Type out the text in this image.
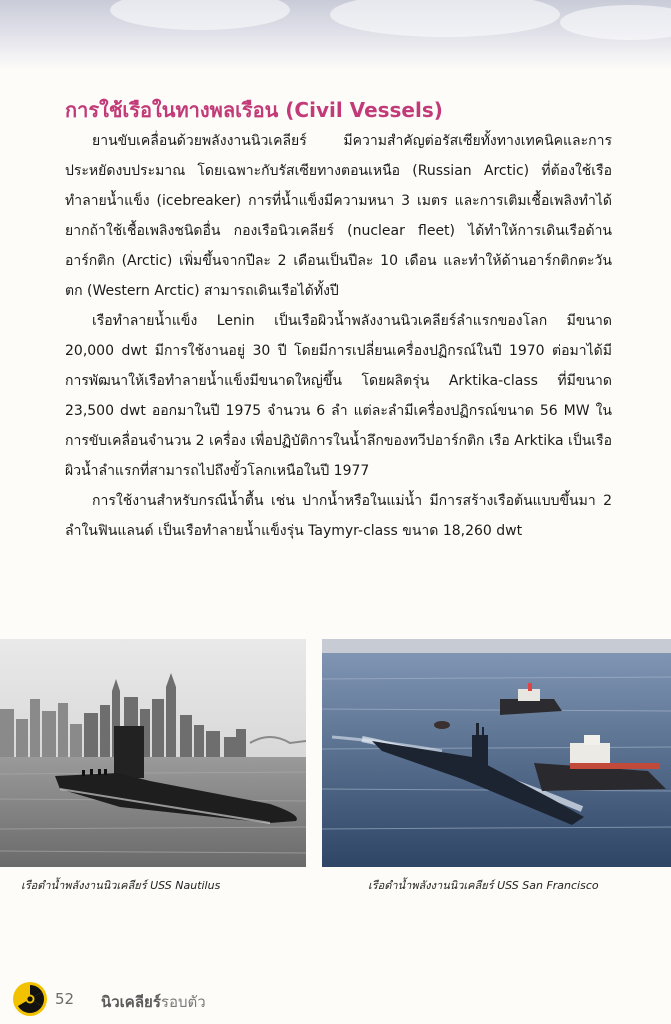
การใช้เรือในทางพลเรือน (Civil Vessels)

ยานขับเคลื่อนด้วยพลังงานนิวเคลียร์ มีความสำคัญต่อรัสเซียทั้งทางเทคนิคและการประหยัดงบประมาณ โดยเฉพาะกับรัสเซียทางตอนเหนือ (Russian Arctic) ที่ต้องใช้เรือทำลายน้ำแข็ง (icebreaker) การที่น้ำแข็งมีความหนา 3 เมตร และการเติมเชื้อเพลิงทำได้ยากถ้าใช้เชื้อเพลิงชนิดอื่น กองเรือนิวเคลียร์ (nuclear fleet) ได้ทำให้การเดินเรือด้านอาร์กติก (Arctic) เพิ่มขึ้นจากปีละ 2 เดือนเป็นปีละ 10 เดือน และทำให้ด้านอาร์กติกตะวันตก (Western Arctic) สามารถเดินเรือได้ทั้งปี

เรือทำลายน้ำแข็ง Lenin เป็นเรือผิวน้ำพลังงานนิวเคลียร์ลำแรกของโลก มีขนาด 20,000 dwt มีการใช้งานอยู่ 30 ปี โดยมีการเปลี่ยนเครื่องปฏิกรณ์ในปี 1970 ต่อมาได้มีการพัฒนาให้เรือทำลายน้ำแข็งมีขนาดใหญ่ขึ้น โดยผลิตรุ่น Arktika-class ที่มีขนาด 23,500 dwt ออกมาในปี 1975 จำนวน 6 ลำ แต่ละลำมีเครื่องปฏิกรณ์ขนาด 56 MW ในการขับเคลื่อนจำนวน 2 เครื่อง เพื่อปฏิบัติการในน้ำลึกของทวีปอาร์กติก เรือ Arktika เป็นเรือผิวน้ำลำแรกที่สามารถไปถึงขั้วโลกเหนือในปี 1977

การใช้งานสำหรับกรณีน้ำตื้น เช่น ปากน้ำหรือในแม่น้ำ มีการสร้างเรือต้นแบบขึ้นมา 2 ลำในฟินแลนด์ เป็นเรือทำลายน้ำแข็งรุ่น Taymyr-class ขนาด 18,260 dwt

เรือดำน้ำพลังงานนิวเคลียร์ USS Nautilus	เรือดำน้ำพลังงานนิวเคลียร์ USS San Francisco
52 นิวเคลียร์รอบตัว
